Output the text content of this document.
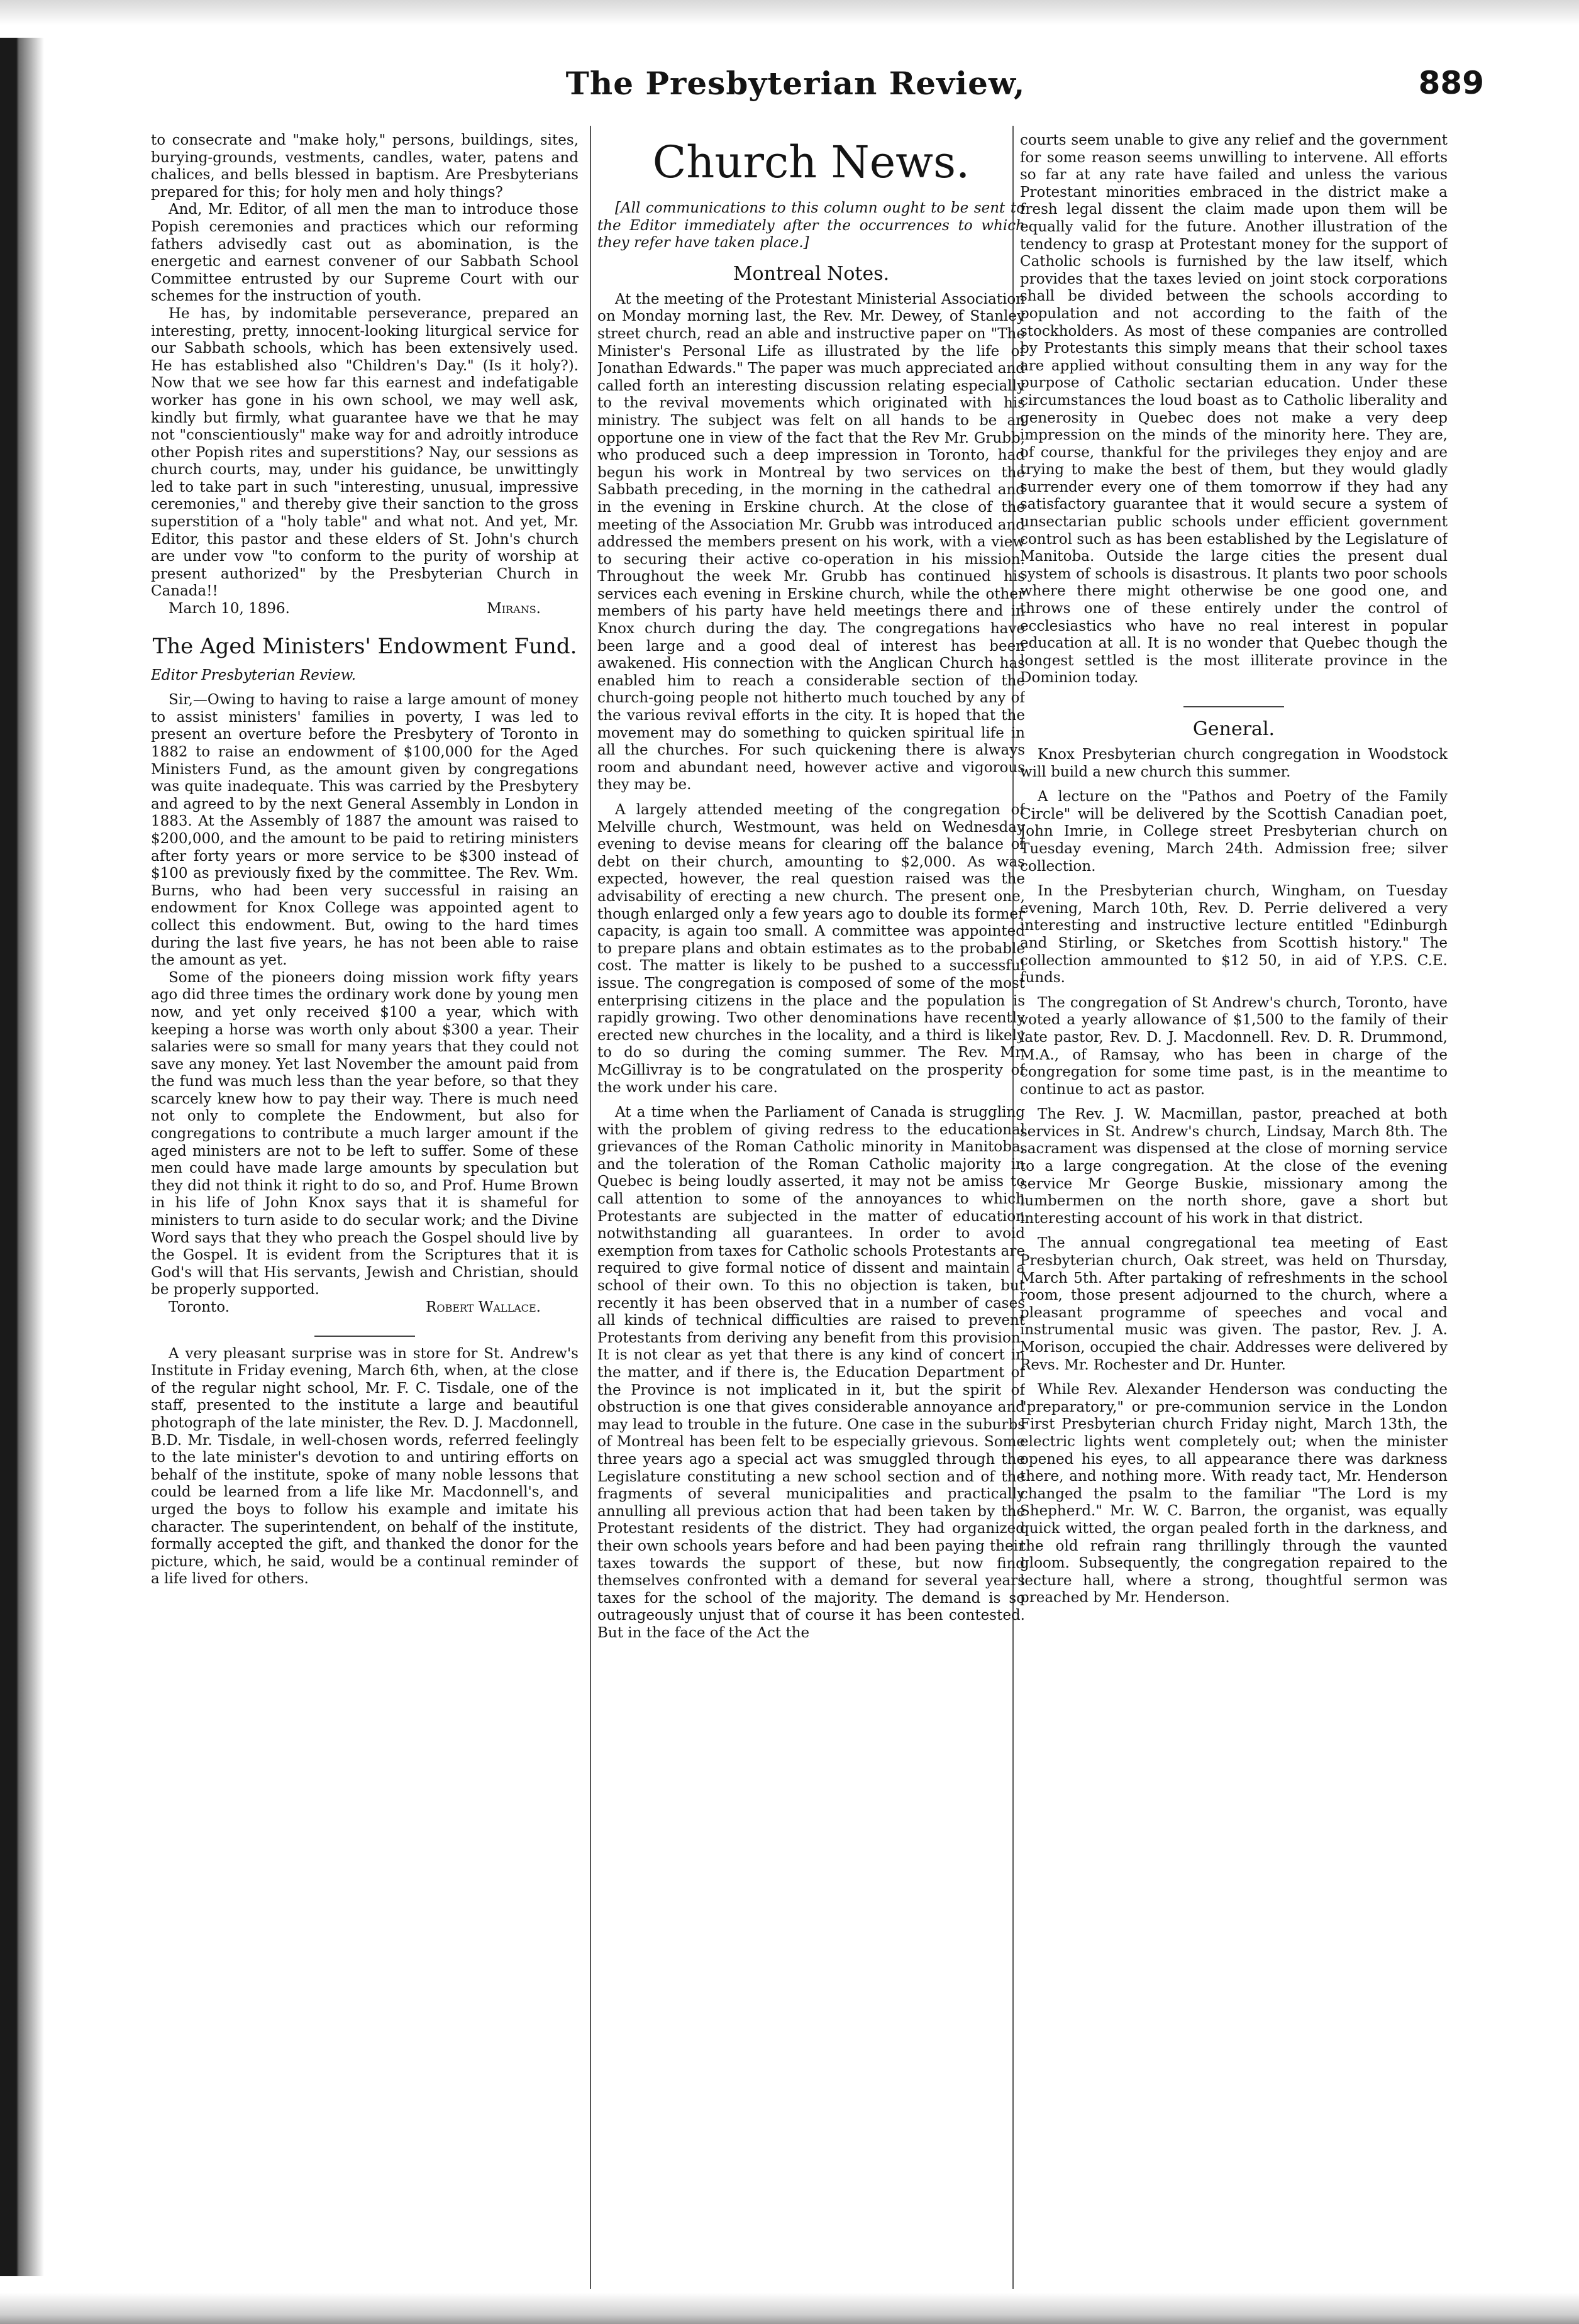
The Presbyterian Review,	889

to consecrate and "make holy," persons, buildings, sites, burying-grounds, vestments, candles, water, patens and chalices, and bells blessed in baptism. Are Presbyterians prepared for this; for holy men and holy things?

And, Mr. Editor, of all men the man to introduce those Popish ceremonies and practices which our reforming fathers advisedly cast out as abomination, is the energetic and earnest convener of our Sabbath School Committee entrusted by our Supreme Court with our schemes for the instruction of youth.

He has, by indomitable perseverance, prepared an interesting, pretty, innocent-looking liturgical service for our Sabbath schools, which has been extensively used. He has established also "Children's Day." (Is it holy?). Now that we see how far this earnest and indefatigable worker has gone in his own school, we may well ask, kindly but firmly, what guarantee have we that he may not "conscientiously" make way for and adroitly introduce other Popish rites and superstitions? Nay, our sessions as church courts, may, under his guidance, be unwittingly led to take part in such "interesting, unusual, impressive ceremonies," and thereby give their sanction to the gross superstition of a "holy table" and what not. And yet, Mr. Editor, this pastor and these elders of St. John's church are under vow "to conform to the purity of worship at present authorized" by the Presbyterian Church in Canada!!

March 10, 1896.	Mirans.
The Aged Ministers' Endowment Fund.

Editor Presbyterian Review.

Sir,—Owing to having to raise a large amount of money to assist ministers' families in poverty, I was led to present an overture before the Presbytery of Toronto in 1882 to raise an endowment of $100,000 for the Aged Ministers Fund, as the amount given by congregations was quite inadequate. This was carried by the Presbytery and agreed to by the next General Assembly in London in 1883. At the Assembly of 1887 the amount was raised to $200,000, and the amount to be paid to retiring ministers after forty years or more service to be $300 instead of $100 as previously fixed by the committee. The Rev. Wm. Burns, who had been very successful in raising an endowment for Knox College was appointed agent to collect this endowment. But, owing to the hard times during the last five years, he has not been able to raise the amount as yet.

Some of the pioneers doing mission work fifty years ago did three times the ordinary work done by young men now, and yet only received $100 a year, which with keeping a horse was worth only about $300 a year. Their salaries were so small for many years that they could not save any money. Yet last November the amount paid from the fund was much less than the year before, so that they scarcely knew how to pay their way. There is much need not only to complete the Endowment, but also for congregations to contribute a much larger amount if the aged ministers are not to be left to suffer. Some of these men could have made large amounts by speculation but they did not think it right to do so, and Prof. Hume Brown in his life of John Knox says that it is shameful for ministers to turn aside to do secular work; and the Divine Word says that they who preach the Gospel should live by the Gospel. It is evident from the Scriptures that it is God's will that His servants, Jewish and Christian, should be properly supported.

Toronto.	Robert Wallace.

A very pleasant surprise was in store for St. Andrew's Institute in Friday evening, March 6th, when, at the close of the regular night school, Mr. F. C. Tisdale, one of the staff, presented to the institute a large and beautiful photograph of the late minister, the Rev. D. J. Macdonnell, B.D. Mr. Tisdale, in well-chosen words, referred feelingly to the late minister's devotion to and untiring efforts on behalf of the institute, spoke of many noble lessons that could be learned from a life like Mr. Macdonnell's, and urged the boys to follow his example and imitate his character. The superintendent, on behalf of the institute, formally accepted the gift, and thanked the donor for the picture, which, he said, would be a continual reminder of a life lived for others.

Church News.

[All communications to this column ought to be sent to the Editor immediately after the occurrences to which they refer have taken place.]

Montreal Notes.

At the meeting of the Protestant Ministerial Association on Monday morning last, the Rev. Mr. Dewey, of Stanley street church, read an able and instructive paper on "The Minister's Personal Life as illustrated by the life of Jonathan Edwards." The paper was much appreciated and called forth an interesting discussion relating especially to the revival movements which originated with his ministry. The subject was felt on all hands to be an opportune one in view of the fact that the Rev Mr. Grubb, who produced such a deep impression in Toronto, had begun his work in Montreal by two services on the Sabbath preceding, in the morning in the cathedral and in the evening in Erskine church. At the close of the meeting of the Association Mr. Grubb was introduced and addressed the members present on his work, with a view to securing their active co-operation in his mission. Throughout the week Mr. Grubb has continued his services each evening in Erskine church, while the other members of his party have held meetings there and in Knox church during the day. The congregations have been large and a good deal of interest has been awakened. His connection with the Anglican Church has enabled him to reach a considerable section of the church-going people not hitherto much touched by any of the various revival efforts in the city. It is hoped that the movement may do something to quicken spiritual life in all the churches. For such quickening there is always room and abundant need, however active and vigorous they may be.

A largely attended meeting of the congregation of Melville church, Westmount, was held on Wednesday evening to devise means for clearing off the balance of debt on their church, amounting to $2,000. As was expected, however, the real question raised was the advisability of erecting a new church. The present one, though enlarged only a few years ago to double its former capacity, is again too small. A committee was appointed to prepare plans and obtain estimates as to the probable cost. The matter is likely to be pushed to a successful issue. The congregation is composed of some of the most enterprising citizens in the place and the population is rapidly growing. Two other denominations have recently erected new churches in the locality, and a third is likely to do so during the coming summer. The Rev. Mr. McGillivray is to be congratulated on the prosperity of the work under his care.

At a time when the Parliament of Canada is struggling with the problem of giving redress to the educational grievances of the Roman Catholic minority in Manitoba, and the toleration of the Roman Catholic majority in Quebec is being loudly asserted, it may not be amiss to call attention to some of the annoyances to which Protestants are subjected in the matter of education notwithstanding all guarantees. In order to avoid exemption from taxes for Catholic schools Protestants are required to give formal notice of dissent and maintain a school of their own. To this no objection is taken, but recently it has been observed that in a number of cases all kinds of technical difficulties are raised to prevent Protestants from deriving any benefit from this provision. It is not clear as yet that there is any kind of concert in the matter, and if there is, the Education Department of the Province is not implicated in it, but the spirit of obstruction is one that gives considerable annoyance and may lead to trouble in the future. One case in the suburbs of Montreal has been felt to be especially grievous. Some three years ago a special act was smuggled through the Legislature constituting a new school section and of the fragments of several municipalities and practically annulling all previous action that had been taken by the Protestant residents of the district. They had organized their own schools years before and had been paying their taxes towards the support of these, but now find themselves confronted with a demand for several years taxes for the school of the majority. The demand is so outrageously unjust that of course it has been contested. But in the face of the Act the

courts seem unable to give any relief and the government for some reason seems unwilling to intervene. All efforts so far at any rate have failed and unless the various Protestant minorities embraced in the district make a fresh legal dissent the claim made upon them will be equally valid for the future. Another illustration of the tendency to grasp at Protestant money for the support of Catholic schools is furnished by the law itself, which provides that the taxes levied on joint stock corporations shall be divided between the schools according to population and not according to the faith of the stockholders. As most of these companies are controlled by Protestants this simply means that their school taxes are applied without consulting them in any way for the purpose of Catholic sectarian education. Under these circumstances the loud boast as to Catholic liberality and generosity in Quebec does not make a very deep impression on the minds of the minority here. They are, of course, thankful for the privileges they enjoy and are trying to make the best of them, but they would gladly surrender every one of them tomorrow if they had any satisfactory guarantee that it would secure a system of unsectarian public schools under efficient government control such as has been established by the Legislature of Manitoba. Outside the large cities the present dual system of schools is disastrous. It plants two poor schools where there might otherwise be one good one, and throws one of these entirely under the control of ecclesiastics who have no real interest in popular education at all. It is no wonder that Quebec though the longest settled is the most illiterate province in the Dominion today.

General.

Knox Presbyterian church congregation in Woodstock will build a new church this summer.

A lecture on the "Pathos and Poetry of the Family Circle" will be delivered by the Scottish Canadian poet, John Imrie, in College street Presbyterian church on Tuesday evening, March 24th. Admission free; silver collection.

In the Presbyterian church, Wingham, on Tuesday evening, March 10th, Rev. D. Perrie delivered a very interesting and instructive lecture entitled "Edinburgh and Stirling, or Sketches from Scottish history." The collection ammounted to $12 50, in aid of Y.P.S. C.E. funds.

The congregation of St Andrew's church, Toronto, have voted a yearly allowance of $1,500 to the family of their late pastor, Rev. D. J. Macdonnell. Rev. D. R. Drummond, M.A., of Ramsay, who has been in charge of the congregation for some time past, is in the meantime to continue to act as pastor.

The Rev. J. W. Macmillan, pastor, preached at both services in St. Andrew's church, Lindsay, March 8th. The sacrament was dispensed at the close of morning service to a large congregation. At the close of the evening service Mr George Buskie, missionary among the lumbermen on the north shore, gave a short but interesting account of his work in that district.

The annual congregational tea meeting of East Presbyterian church, Oak street, was held on Thursday, March 5th. After partaking of refreshments in the school room, those present adjourned to the church, where a pleasant programme of speeches and vocal and instrumental music was given. The pastor, Rev. J. A. Morison, occupied the chair. Addresses were delivered by Revs. Mr. Rochester and Dr. Hunter.

While Rev. Alexander Henderson was conducting the "preparatory," or pre-communion service in the London First Presbyterian church Friday night, March 13th, the electric lights went completely out; when the minister opened his eyes, to all appearance there was darkness there, and nothing more. With ready tact, Mr. Henderson changed the psalm to the familiar "The Lord is my Shepherd." Mr. W. C. Barron, the organist, was equally quick witted, the organ pealed forth in the darkness, and the old refrain rang thrillingly through the vaunted gloom. Subsequently, the congregation repaired to the lecture hall, where a strong, thoughtful sermon was preached by Mr. Henderson.
